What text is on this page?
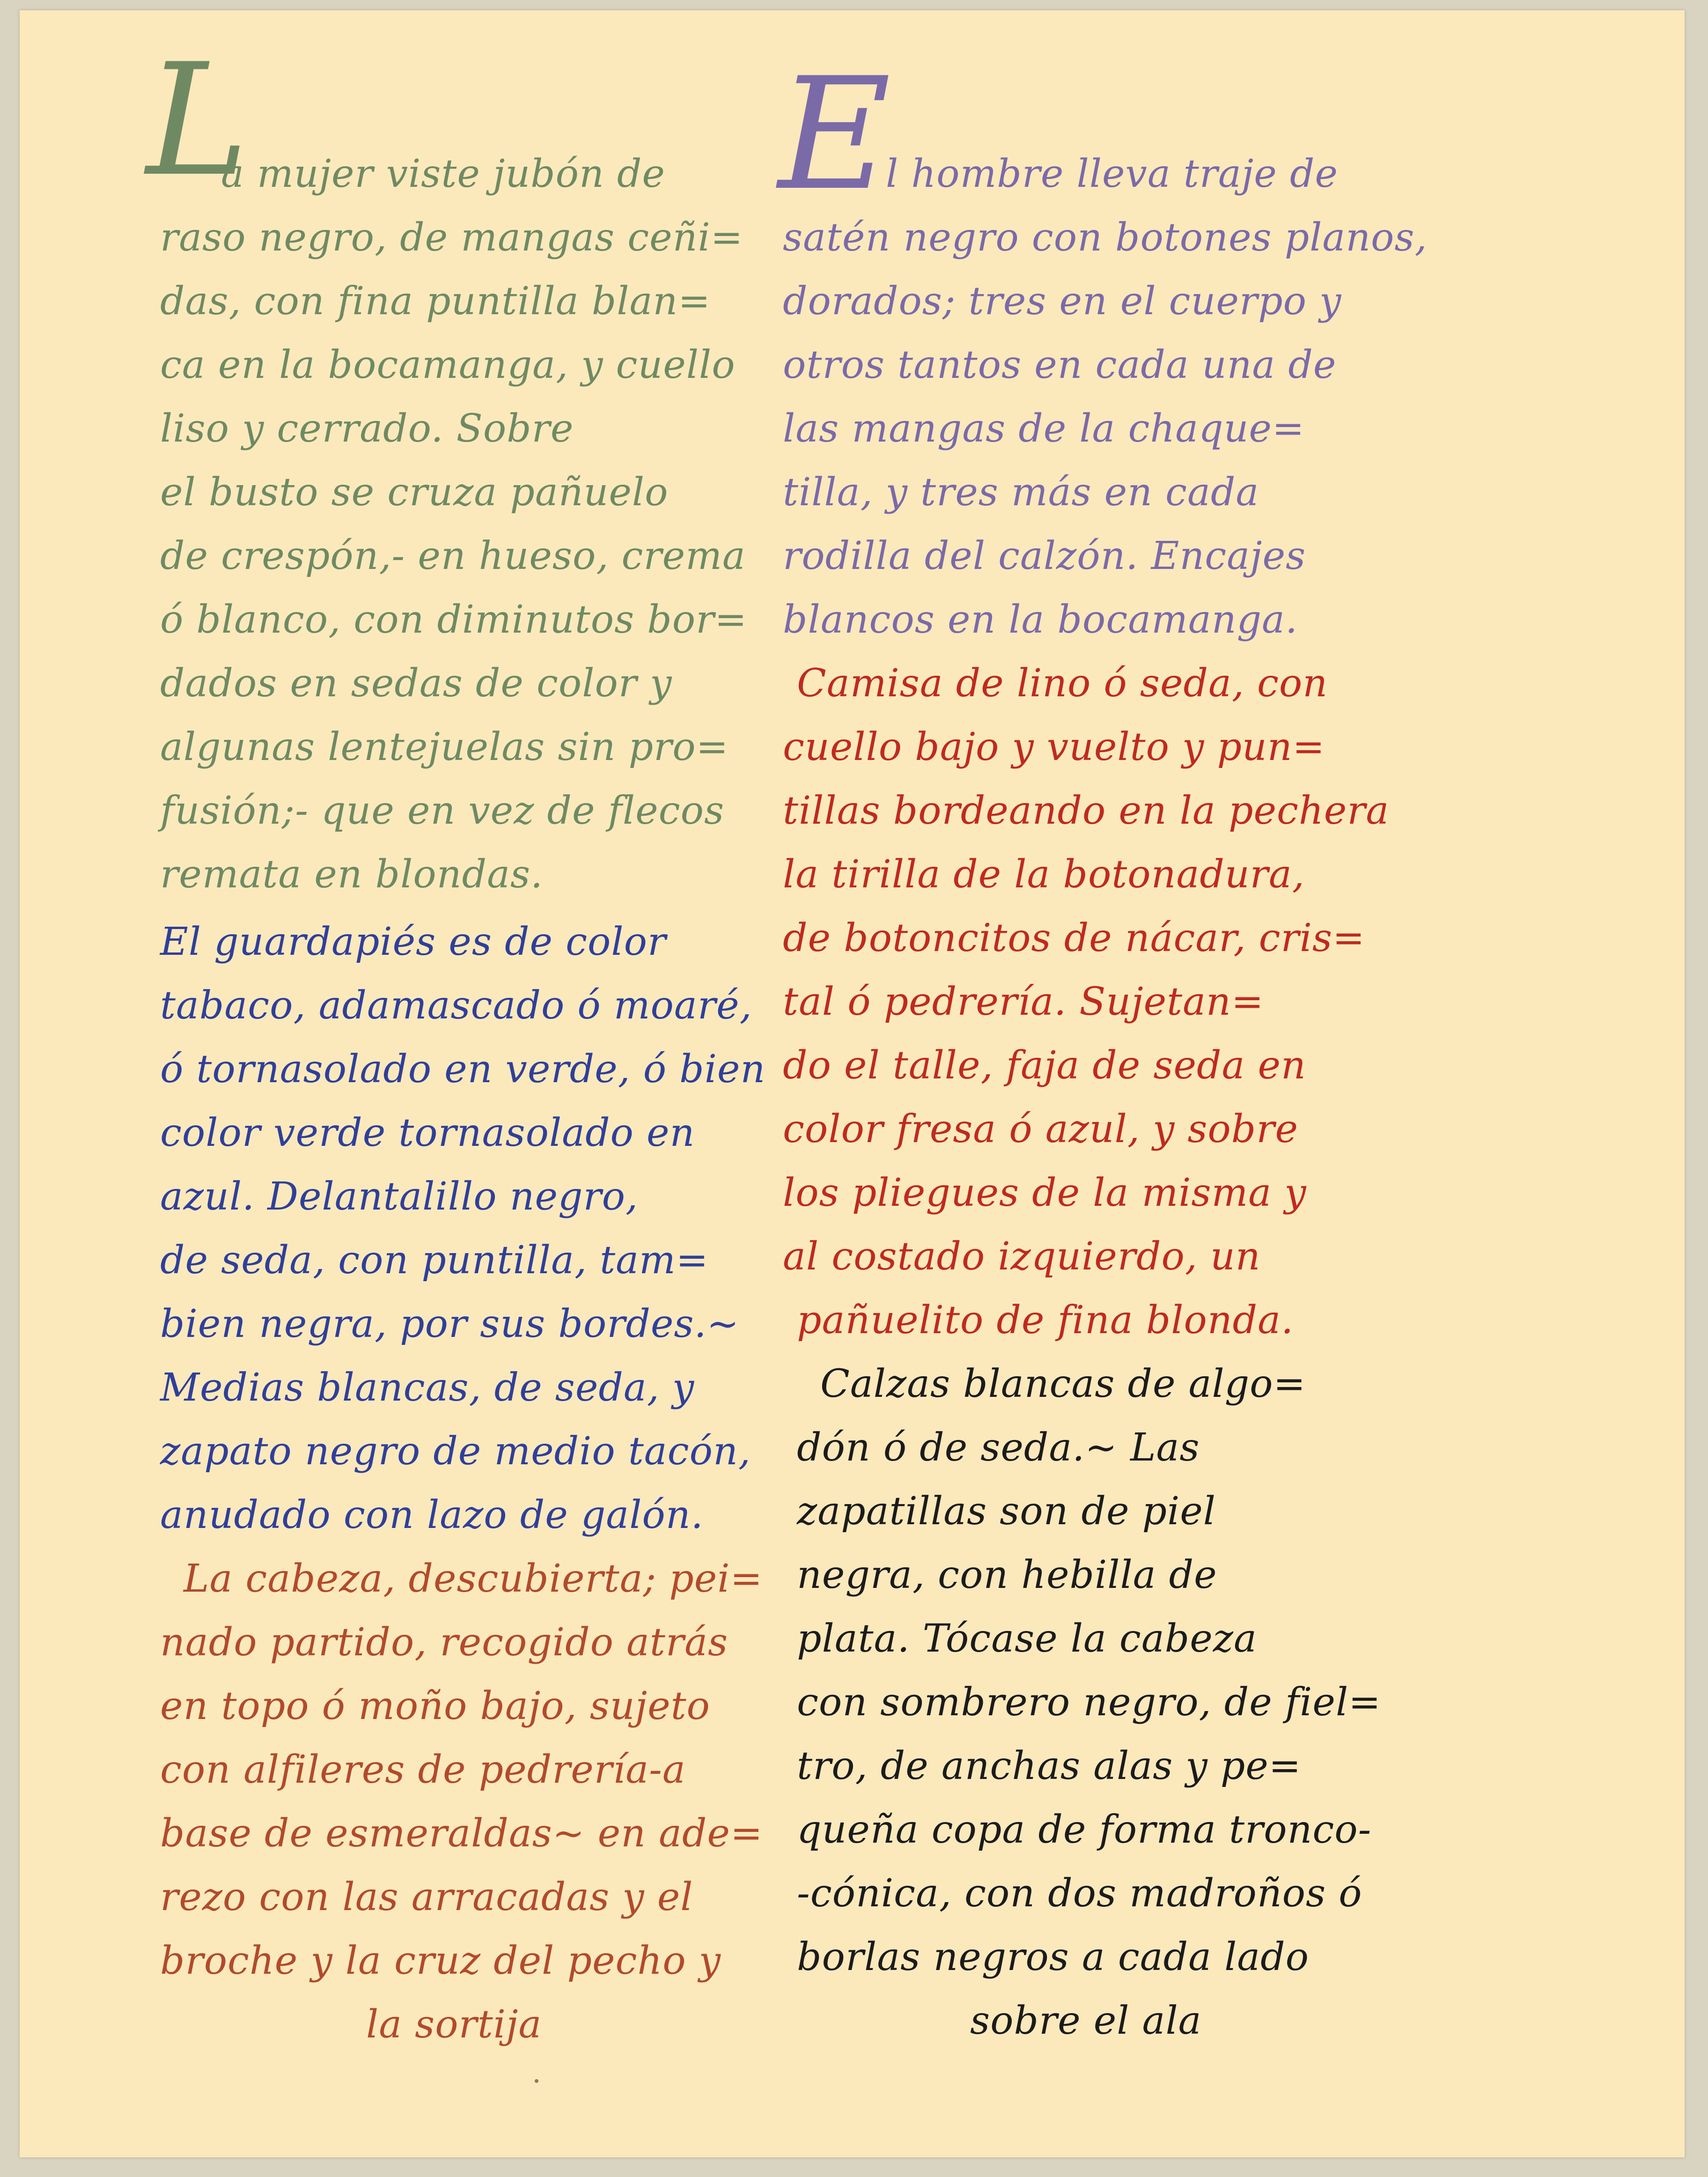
L
a mujer viste jubón de
raso negro, de mangas ceñi=
das, con fina puntilla blan=
ca en la bocamanga, y cuello
liso y cerrado. Sobre
el busto se cruza pañuelo
de crespón,- en hueso, crema
ó blanco, con diminutos bor=
dados en sedas de color y
algunas lentejuelas sin pro=
fusión;- que en vez de flecos
remata en blondas.
El guardapiés es de color
tabaco, adamascado ó moaré,
ó tornasolado en verde, ó bien
color verde tornasolado en
azul. Delantalillo negro,
de seda, con puntilla, tam=
bien negra, por sus bordes.~
Medias blancas, de seda, y
zapato negro de medio tacón,
anudado con lazo de galón.
La cabeza, descubierta; pei=
nado partido, recogido atrás
en topo ó moño bajo, sujeto
con alfileres de pedrería-a
base de esmeraldas~ en ade=
rezo con las arracadas y el
broche y la cruz del pecho y
la sortija
E
l hombre lleva traje de
satén negro con botones planos,
dorados; tres en el cuerpo y
otros tantos en cada una de
las mangas de la chaque=
tilla, y tres más en cada
rodilla del calzón. Encajes
blancos en la bocamanga.
Camisa de lino ó seda, con
cuello bajo y vuelto y pun=
tillas bordeando en la pechera
la tirilla de la botonadura,
de botoncitos de nácar, cris=
tal ó pedrería. Sujetan=
do el talle, faja de seda en
color fresa ó azul, y sobre
los pliegues de la misma y
al costado izquierdo, un
pañuelito de fina blonda.
Calzas blancas de algo=
dón ó de seda.~ Las
zapatillas son de piel
negra, con hebilla de
plata. Tócase la cabeza
con sombrero negro, de fiel=
tro, de anchas alas y pe=
queña copa de forma tronco-
-cónica, con dos madroños ó
borlas negros a cada lado
sobre el ala
